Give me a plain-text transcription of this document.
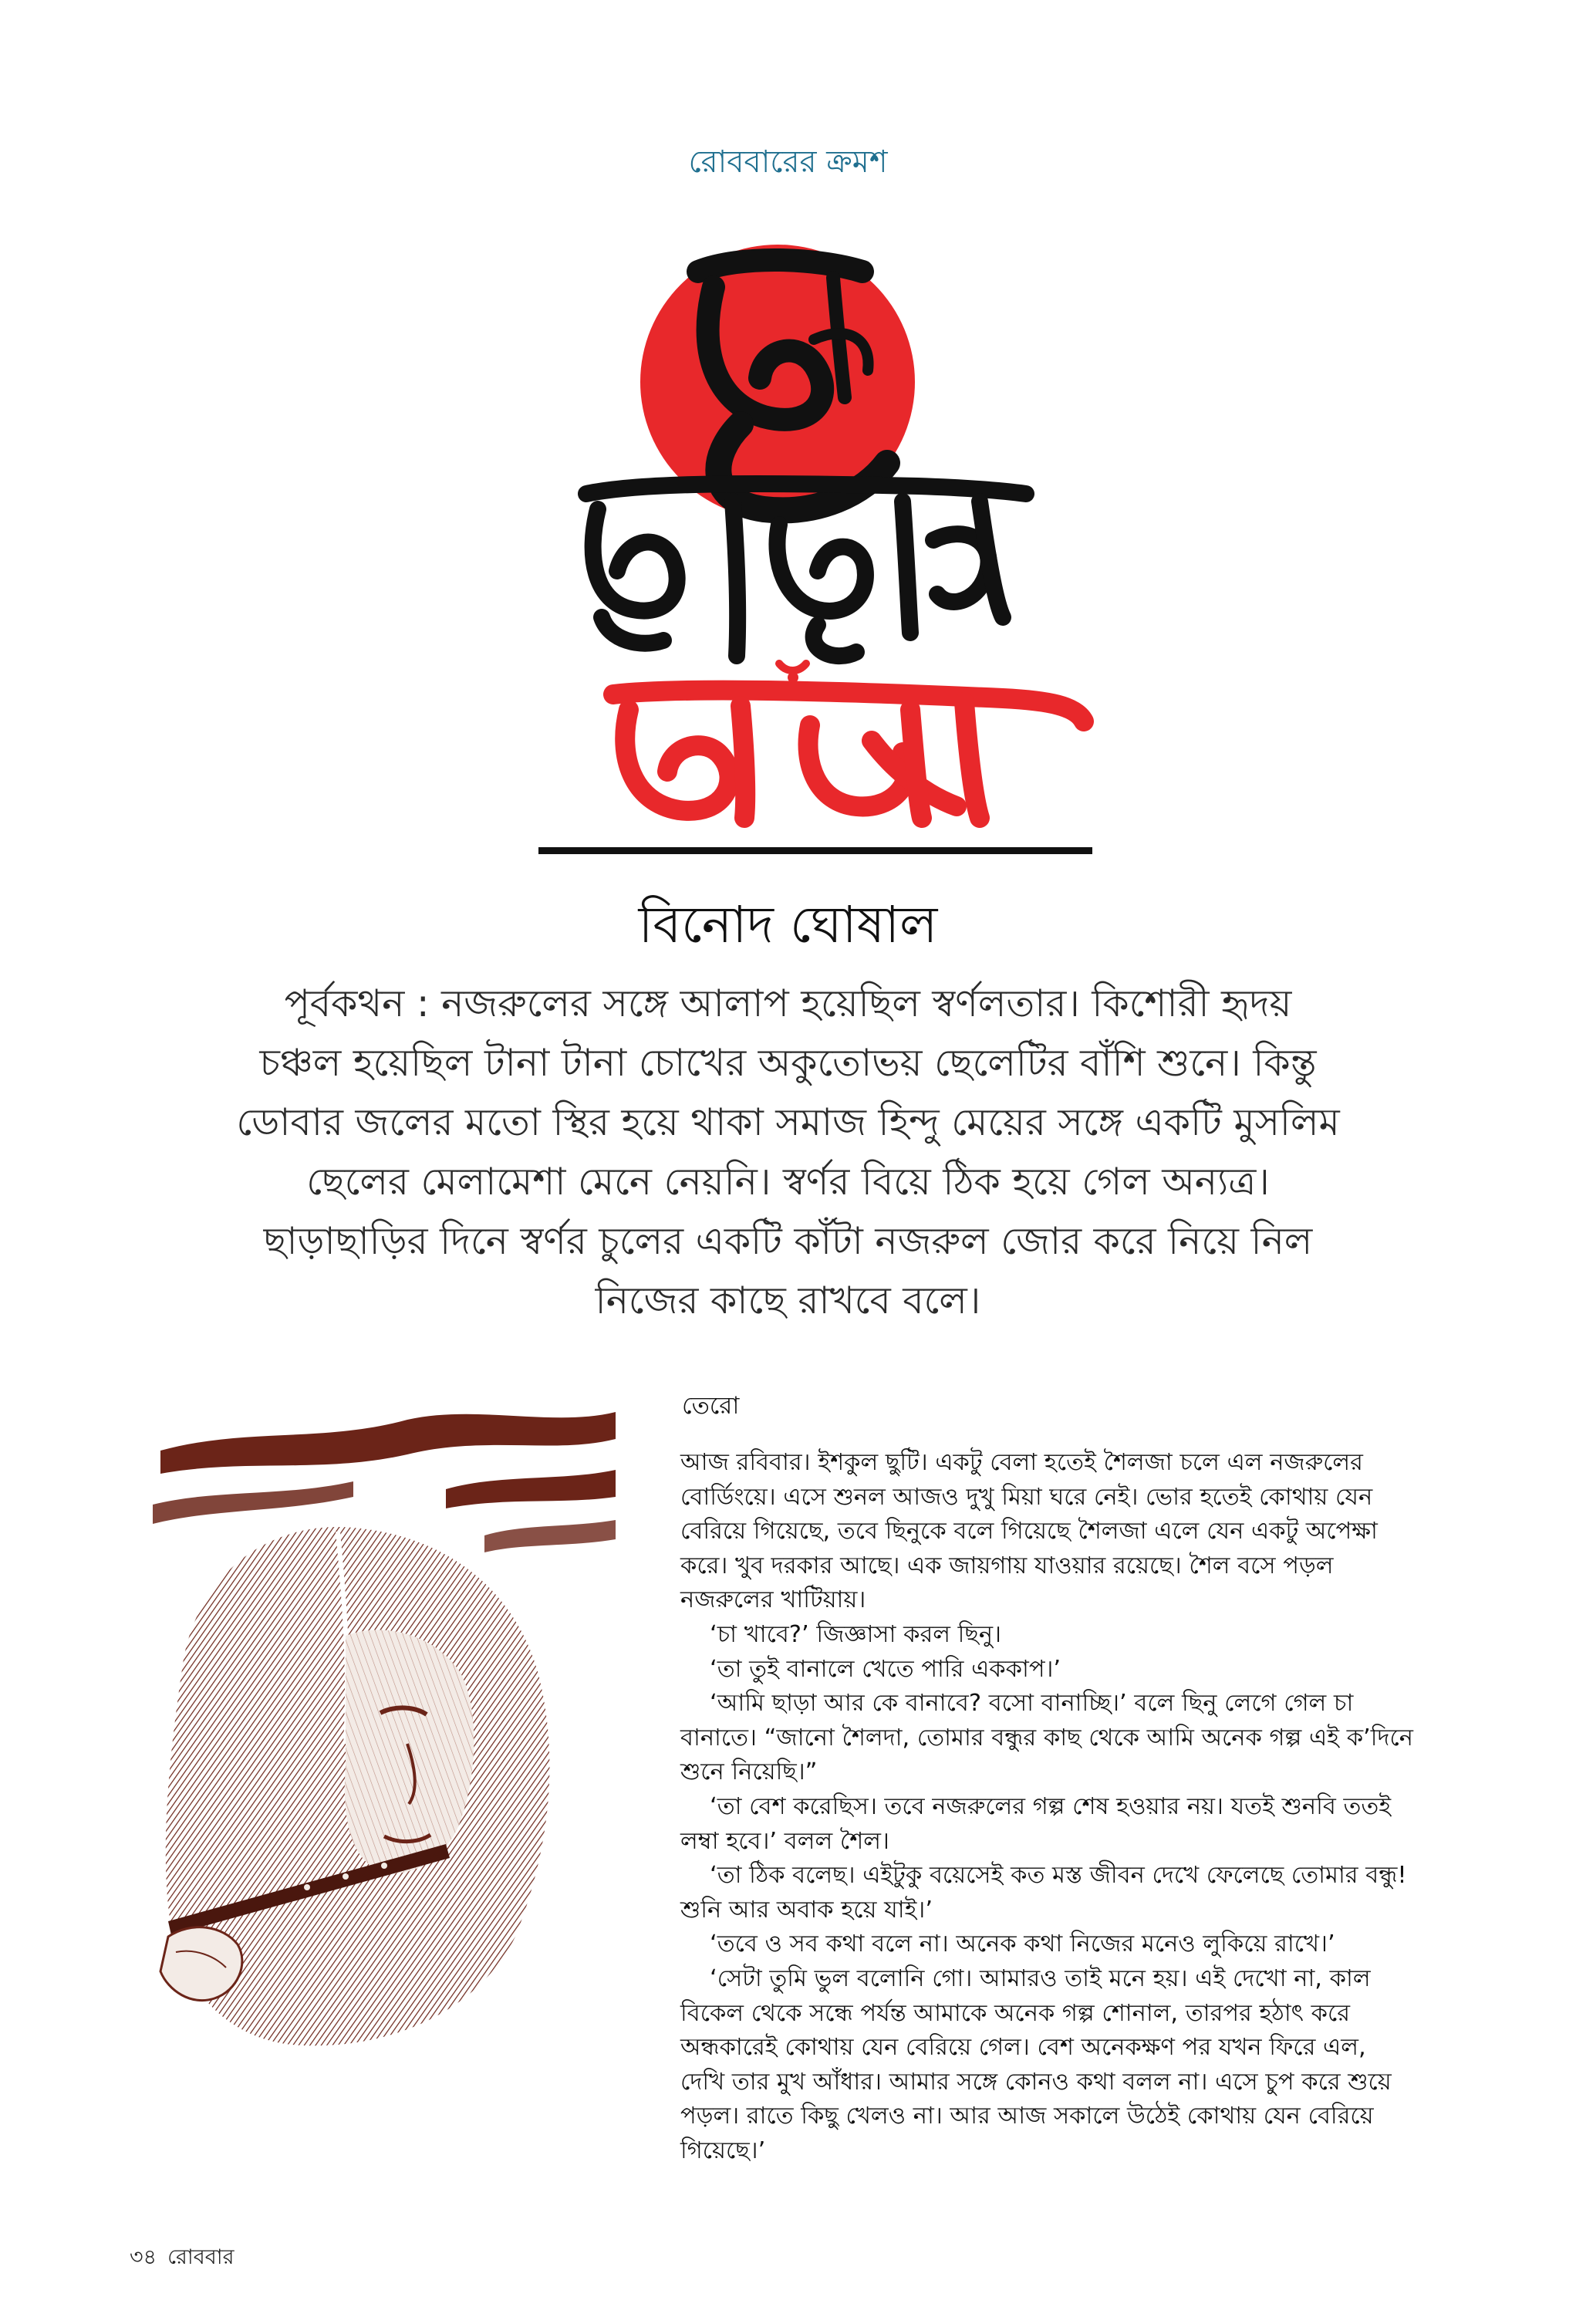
রোববারের ক্রমশ
বিনোদ ঘোষাল

পূর্বকথন : নজরুলের সঙ্গে আলাপ হয়েছিল স্বর্ণলতার। কিশোরী হৃদয়

চঞ্চল হয়েছিল টানা টানা চোখের অকুতোভয় ছেলেটির বাঁশি শুনে। কিন্তু

ডোবার জলের মতো স্থির হয়ে থাকা সমাজ হিন্দু মেয়ের সঙ্গে একটি মুসলিম

ছেলের মেলামেশা মেনে নেয়নি। স্বর্ণর বিয়ে ঠিক হয়ে গেল অন্যত্র।

ছাড়াছাড়ির দিনে স্বর্ণর চুলের একটি কাঁটা নজরুল জোর করে নিয়ে নিল

নিজের কাছে রাখবে বলে।

তেরো

আজ রবিবার। ইশকুল ছুটি। একটু বেলা হতেই শৈলজা চলে এল নজরুলের

বোর্ডিংয়ে। এসে শুনল আজও দুখু মিয়া ঘরে নেই। ভোর হতেই কোথায় যেন

বেরিয়ে গিয়েছে, তবে ছিনুকে বলে গিয়েছে শৈলজা এলে যেন একটু অপেক্ষা

করে। খুব দরকার আছে। এক জায়গায় যাওয়ার রয়েছে। শৈল বসে পড়ল

নজরুলের খাটিয়ায়।

‘চা খাবে?’ জিজ্ঞাসা করল ছিনু।

‘তা তুই বানালে খেতে পারি এককাপ।’

‘আমি ছাড়া আর কে বানাবে? বসো বানাচ্ছি।’ বলে ছিনু লেগে গেল চা

বানাতে। “জানো শৈলদা, তোমার বন্ধুর কাছ থেকে আমি অনেক গল্প এই ক’দিনে

শুনে নিয়েছি।”

‘তা বেশ করেছিস। তবে নজরুলের গল্প শেষ হওয়ার নয়। যতই শুনবি ততই

লম্বা হবে।’ বলল শৈল।

‘তা ঠিক বলেছ। এইটুকু বয়েসেই কত মস্ত জীবন দেখে ফেলেছে তোমার বন্ধু!

শুনি আর অবাক হয়ে যাই।’

‘তবে ও সব কথা বলে না। অনেক কথা নিজের মনেও লুকিয়ে রাখে।’

‘সেটা তুমি ভুল বলোনি গো। আমারও তাই মনে হয়। এই দেখো না, কাল

বিকেল থেকে সন্ধে পর্যন্ত আমাকে অনেক গল্প শোনাল, তারপর হঠাৎ করে

অন্ধকারেই কোথায় যেন বেরিয়ে গেল। বেশ অনেকক্ষণ পর যখন ফিরে এল,

দেখি তার মুখ আঁধার। আমার সঙ্গে কোনও কথা বলল না। এসে চুপ করে শুয়ে

পড়ল। রাতে কিছু খেলও না। আর আজ সকালে উঠেই কোথায় যেন বেরিয়ে

গিয়েছে।’

৩৪ রোববার
